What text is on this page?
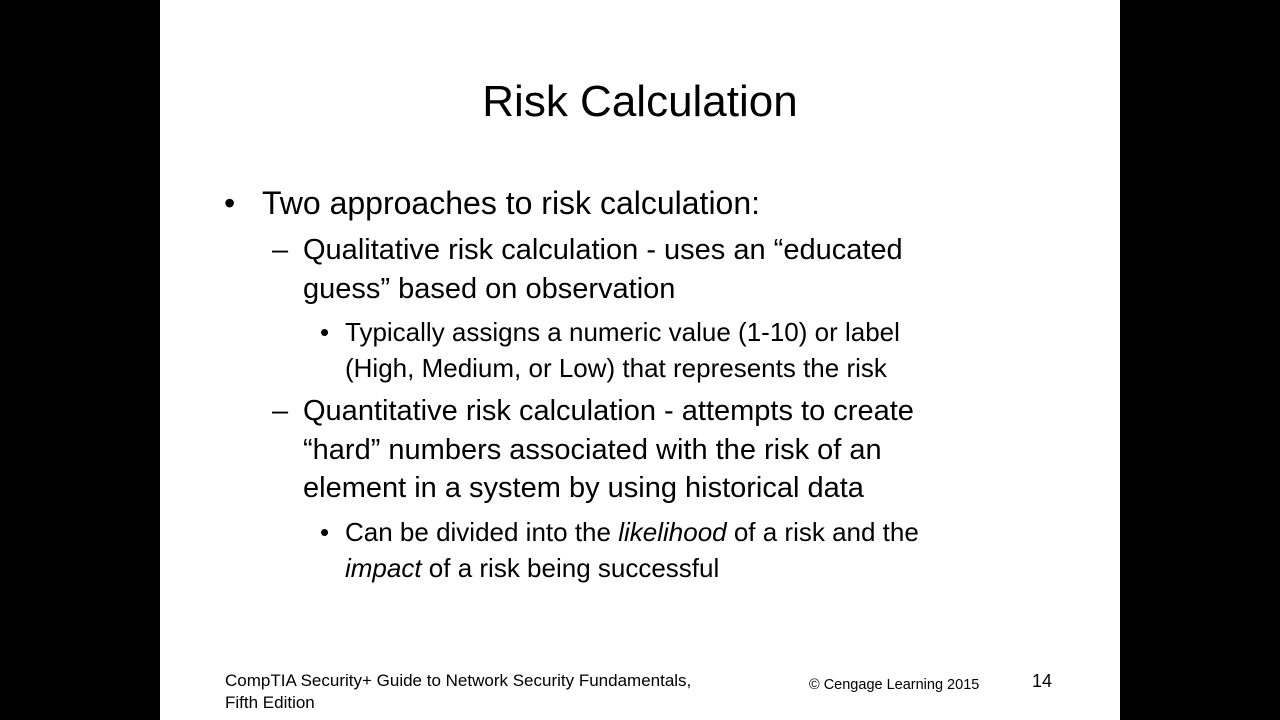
Risk Calculation
• Two approaches to risk calculation:
– Qualitative risk calculation - uses an “educated
guess” based on observation
• Typically assigns a numeric value (1-10) or label
(High, Medium, or Low) that represents the risk
– Quantitative risk calculation - attempts to create
“hard” numbers associated with the risk of an
element in a system by using historical data
• Can be divided into the likelihood of a risk and the
impact of a risk being successful
CompTIA Security+ Guide to Network Security Fundamentals,
Fifth Edition
© Cengage Learning 2015	14
